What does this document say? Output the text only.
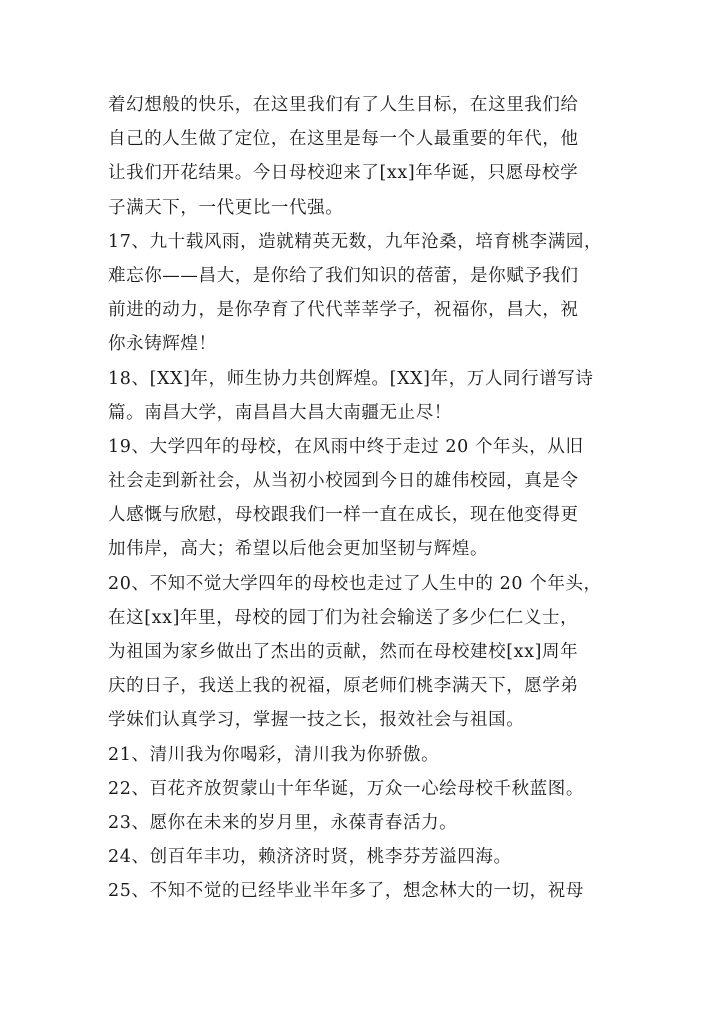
着幻想般的快乐，在这里我们有了人生目标，在这里我们给
自己的人生做了定位，在这里是每一个人最重要的年代，他
让我们开花结果。今日母校迎来了[xx]年华诞，只愿母校学
子满天下，一代更比一代强。
17、九十载风雨，造就精英无数，九年沧桑，培育桃李满园，
难忘你——昌大，是你给了我们知识的蓓蕾，是你赋予我们
前进的动力，是你孕育了代代莘莘学子，祝福你，昌大，祝
你永铸辉煌！
18、[XX]年，师生协力共创辉煌。[XX]年，万人同行谱写诗
篇。南昌大学，南昌昌大昌大南疆无止尽！
19、大学四年的母校，在风雨中终于走过 20 个年头，从旧
社会走到新社会，从当初小校园到今日的雄伟校园，真是令
人感慨与欣慰，母校跟我们一样一直在成长，现在他变得更
加伟岸，高大；希望以后他会更加坚韧与辉煌。
20、不知不觉大学四年的母校也走过了人生中的 20 个年头，
在这[xx]年里，母校的园丁们为社会输送了多少仁仁义士，
为祖国为家乡做出了杰出的贡献，然而在母校建校[xx]周年
庆的日子，我送上我的祝福，原老师们桃李满天下，愿学弟
学妹们认真学习，掌握一技之长，报效社会与祖国。
21、清川我为你喝彩，清川我为你骄傲。
22、百花齐放贺蒙山十年华诞，万众一心绘母校千秋蓝图。
23、愿你在未来的岁月里，永葆青春活力。
24、创百年丰功，赖济济时贤，桃李芬芳溢四海。
25、不知不觉的已经毕业半年多了，想念林大的一切，祝母
